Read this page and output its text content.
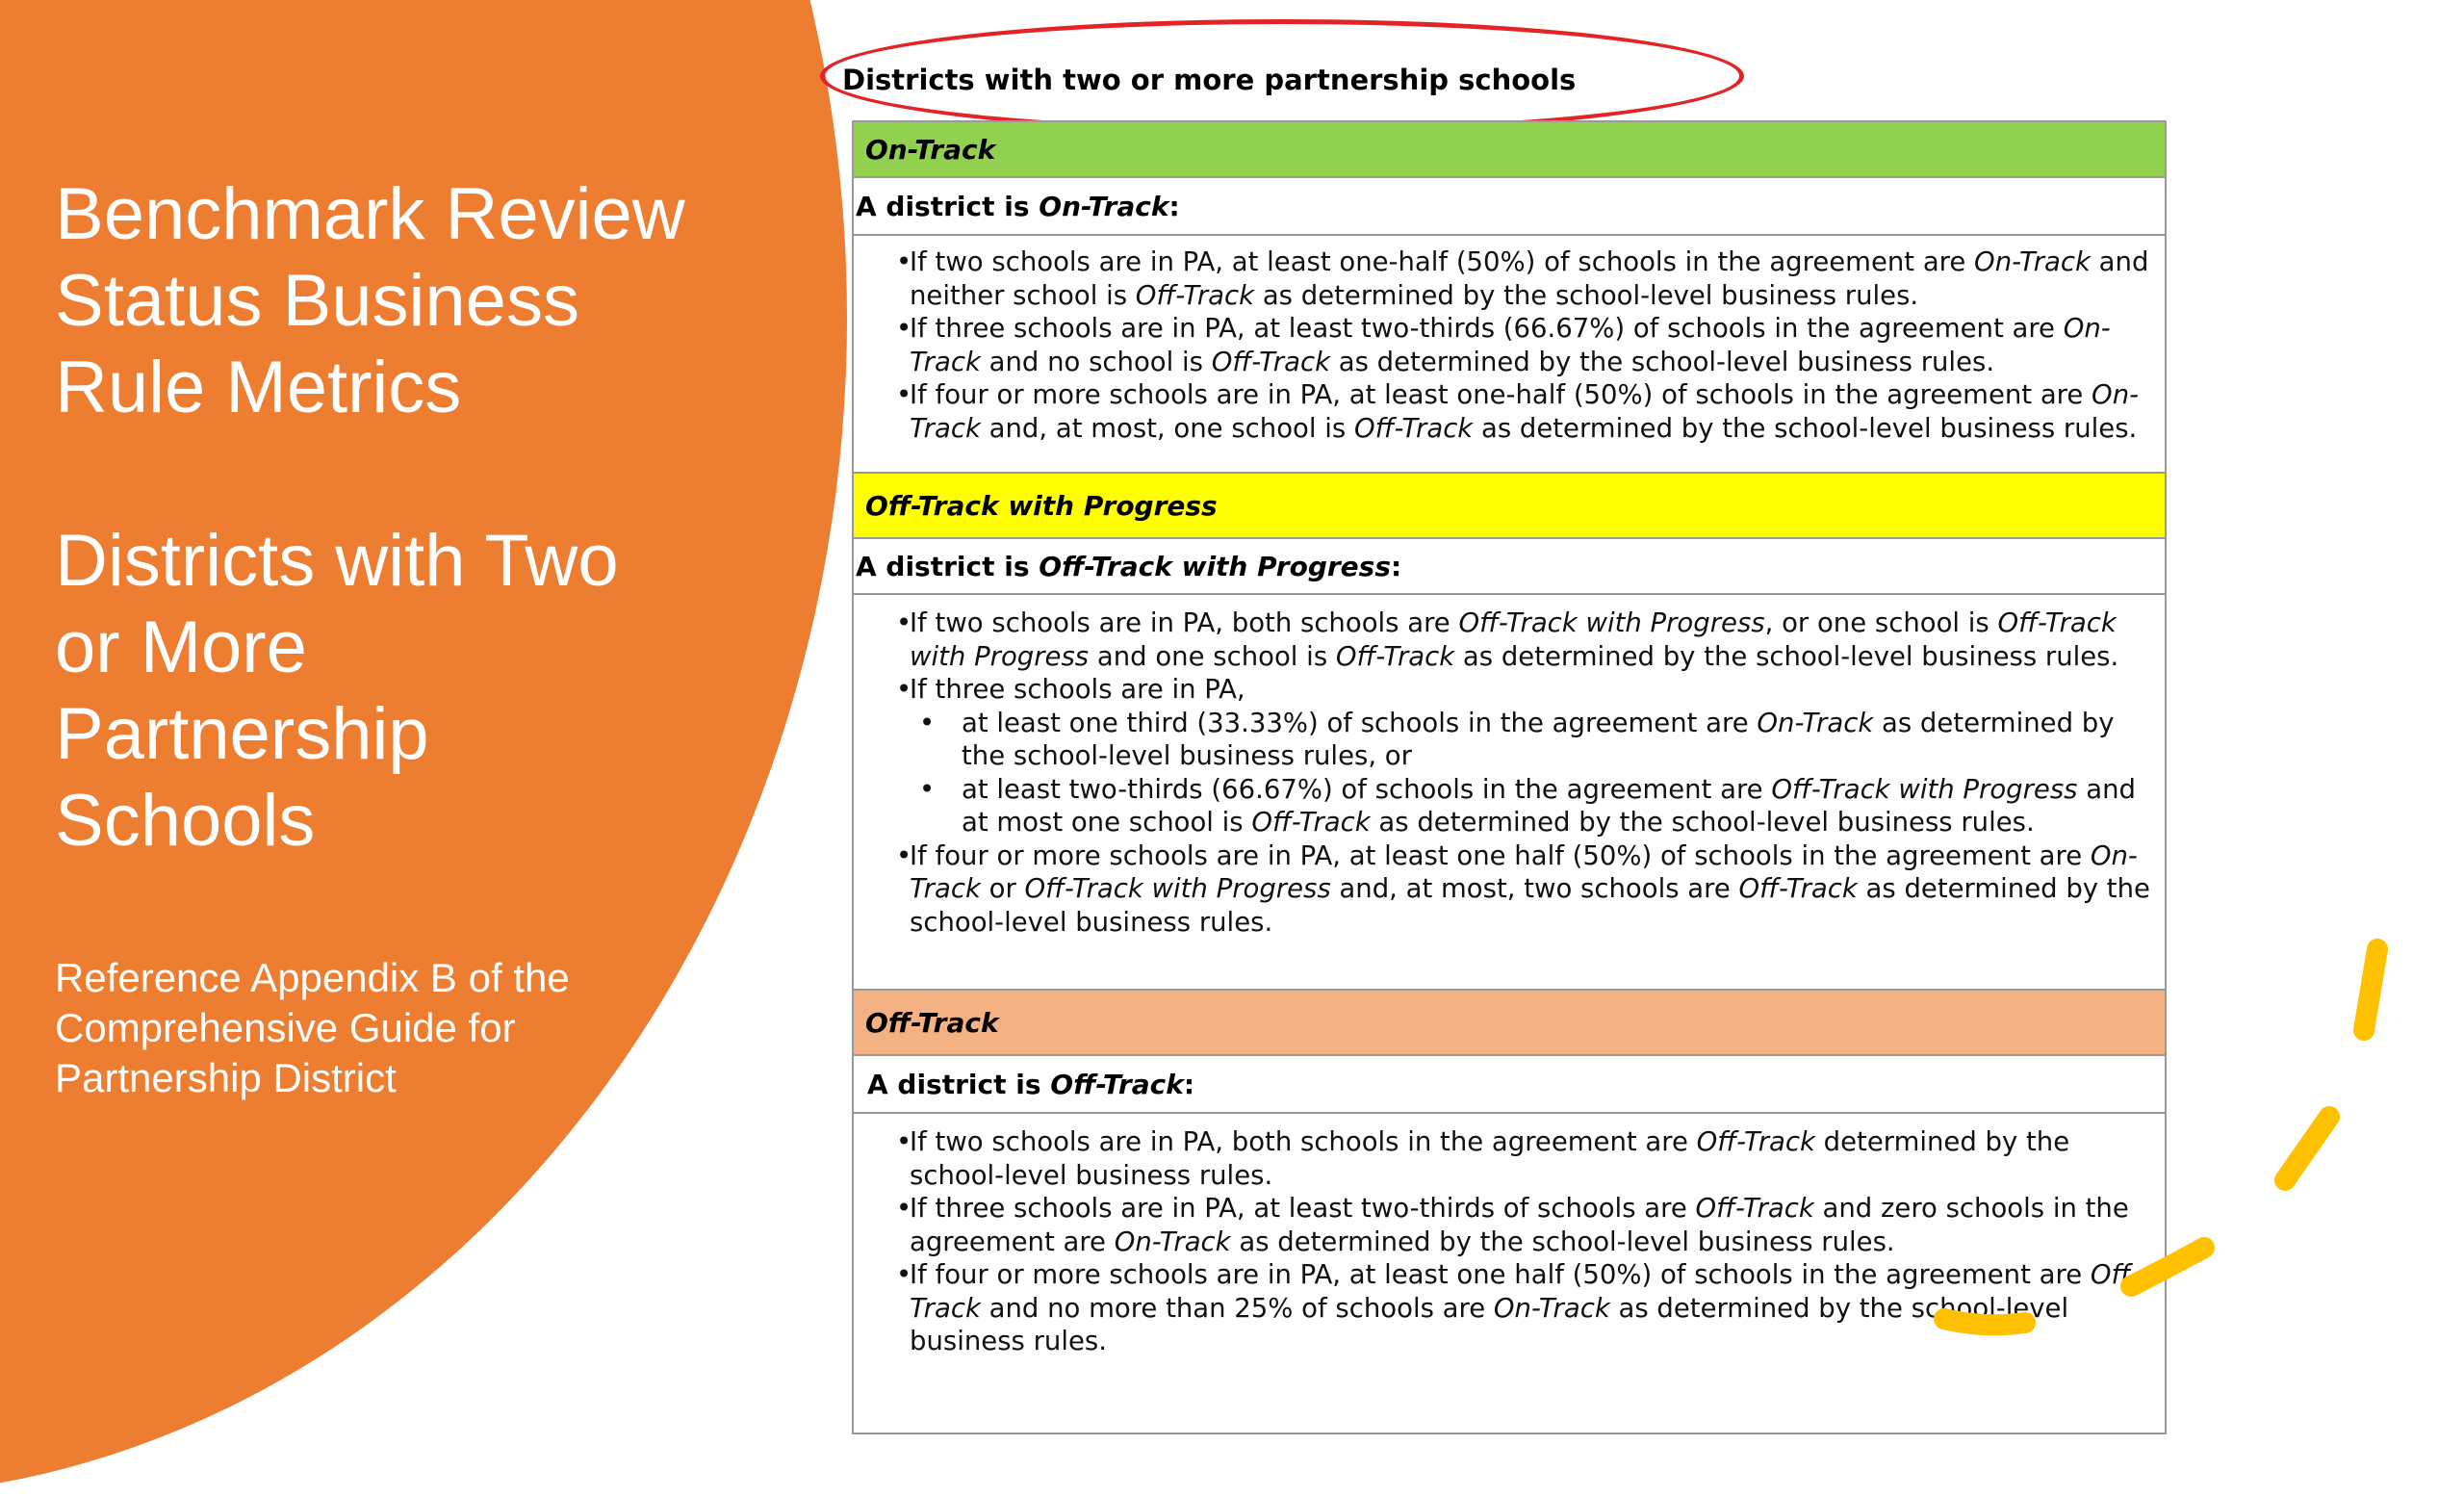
Benchmark Review Status Business Rule Metrics
Districts with Two or More Partnership Schools
Reference Appendix B of the Comprehensive Guide for Partnership District
Districts with two or more partnership schools
On-Track
A district is
On-Track :
•
If two schools are in PA, at least one-half (50%) of schools in the agreement are On-Track and neither school is Off-Track as determined by the school-level business rules.
•
If three schools are in PA, at least two-thirds (66.67%) of schools in the agreement are On-Track and no school is Off-Track as determined by the school-level business rules.
•
If four or more schools are in PA, at least one-half (50%) of schools in the agreement are On-Track and, at most, one school is Off-Track as determined by the school-level business rules.
Off-Track with Progress
A district is
Off-Track with Progress :
•
If two schools are in PA, both schools are Off-Track with Progress, or one school is Off-Track with Progress and one school is Off-Track as determined by the school-level business rules.
•
If three schools are in PA,
•	at least one third (33.33%) of schools in the agreement are On-Track as determined by the school-level business rules, or
•	at least two-thirds (66.67%) of schools in the agreement are Off-Track with Progress and at most one school is Off-Track as determined by the school-level business rules.
•
If four or more schools are in PA, at least one half (50%) of schools in the agreement are On-Track or Off-Track with Progress and, at most, two schools are Off-Track as determined by the school-level business rules.
Off-Track
A district is
Off-Track :
•
If two schools are in PA, both schools in the agreement are Off-Track determined by the school-level business rules.
•
If three schools are in PA, at least two-thirds of schools are Off-Track and zero schools in the agreement are On-Track as determined by the school-level business rules.
•
If four or more schools are in PA, at least one half (50%) of schools in the agreement are Off-Track and no more than 25% of schools are On-Track as determined by the school-level business rules.
